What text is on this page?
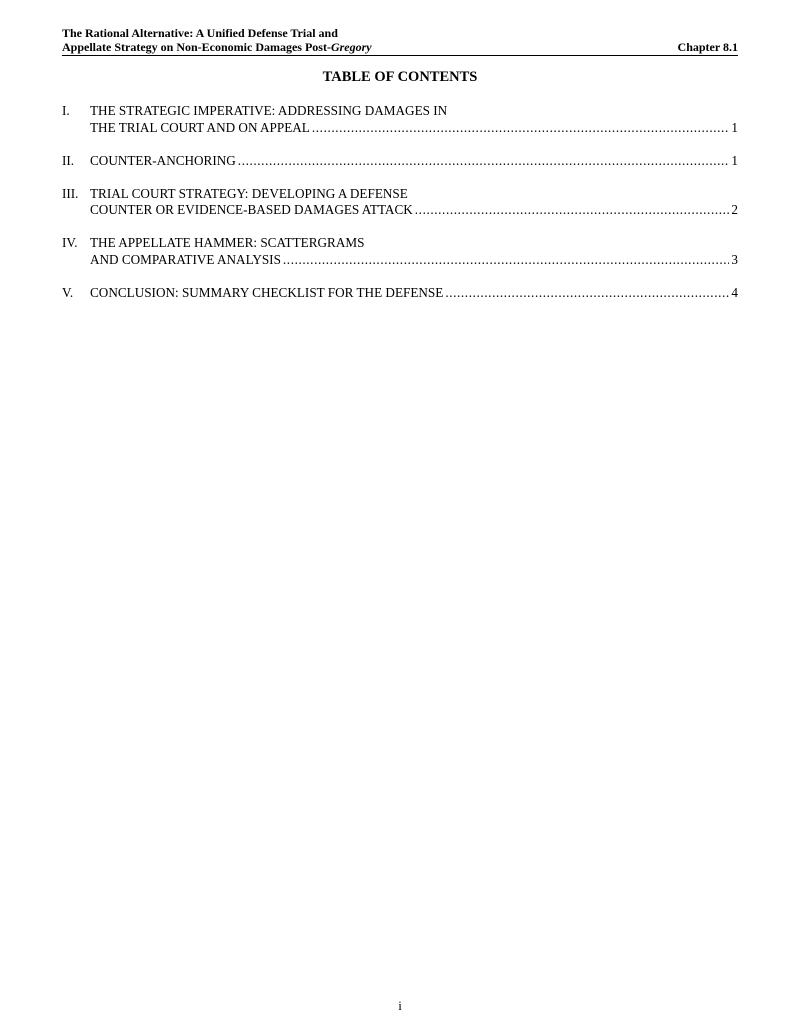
The Rational Alternative: A Unified Defense Trial and
Appellate Strategy on Non-Economic Damages Post-Gregory	Chapter 8.1
TABLE OF CONTENTS
I.	THE STRATEGIC IMPERATIVE: ADDRESSING DAMAGES IN
THE TRIAL COURT AND ON APPEAL .....	1
II.	COUNTER-ANCHORING .....	1
III. TRIAL COURT STRATEGY: DEVELOPING A DEFENSE
COUNTER OR EVIDENCE-BASED DAMAGES ATTACK .....	2
IV. THE APPELLATE HAMMER: SCATTERGRAMS
AND COMPARATIVE ANALYSIS .....	3
V.	CONCLUSION: SUMMARY CHECKLIST FOR THE DEFENSE .....	4
i
